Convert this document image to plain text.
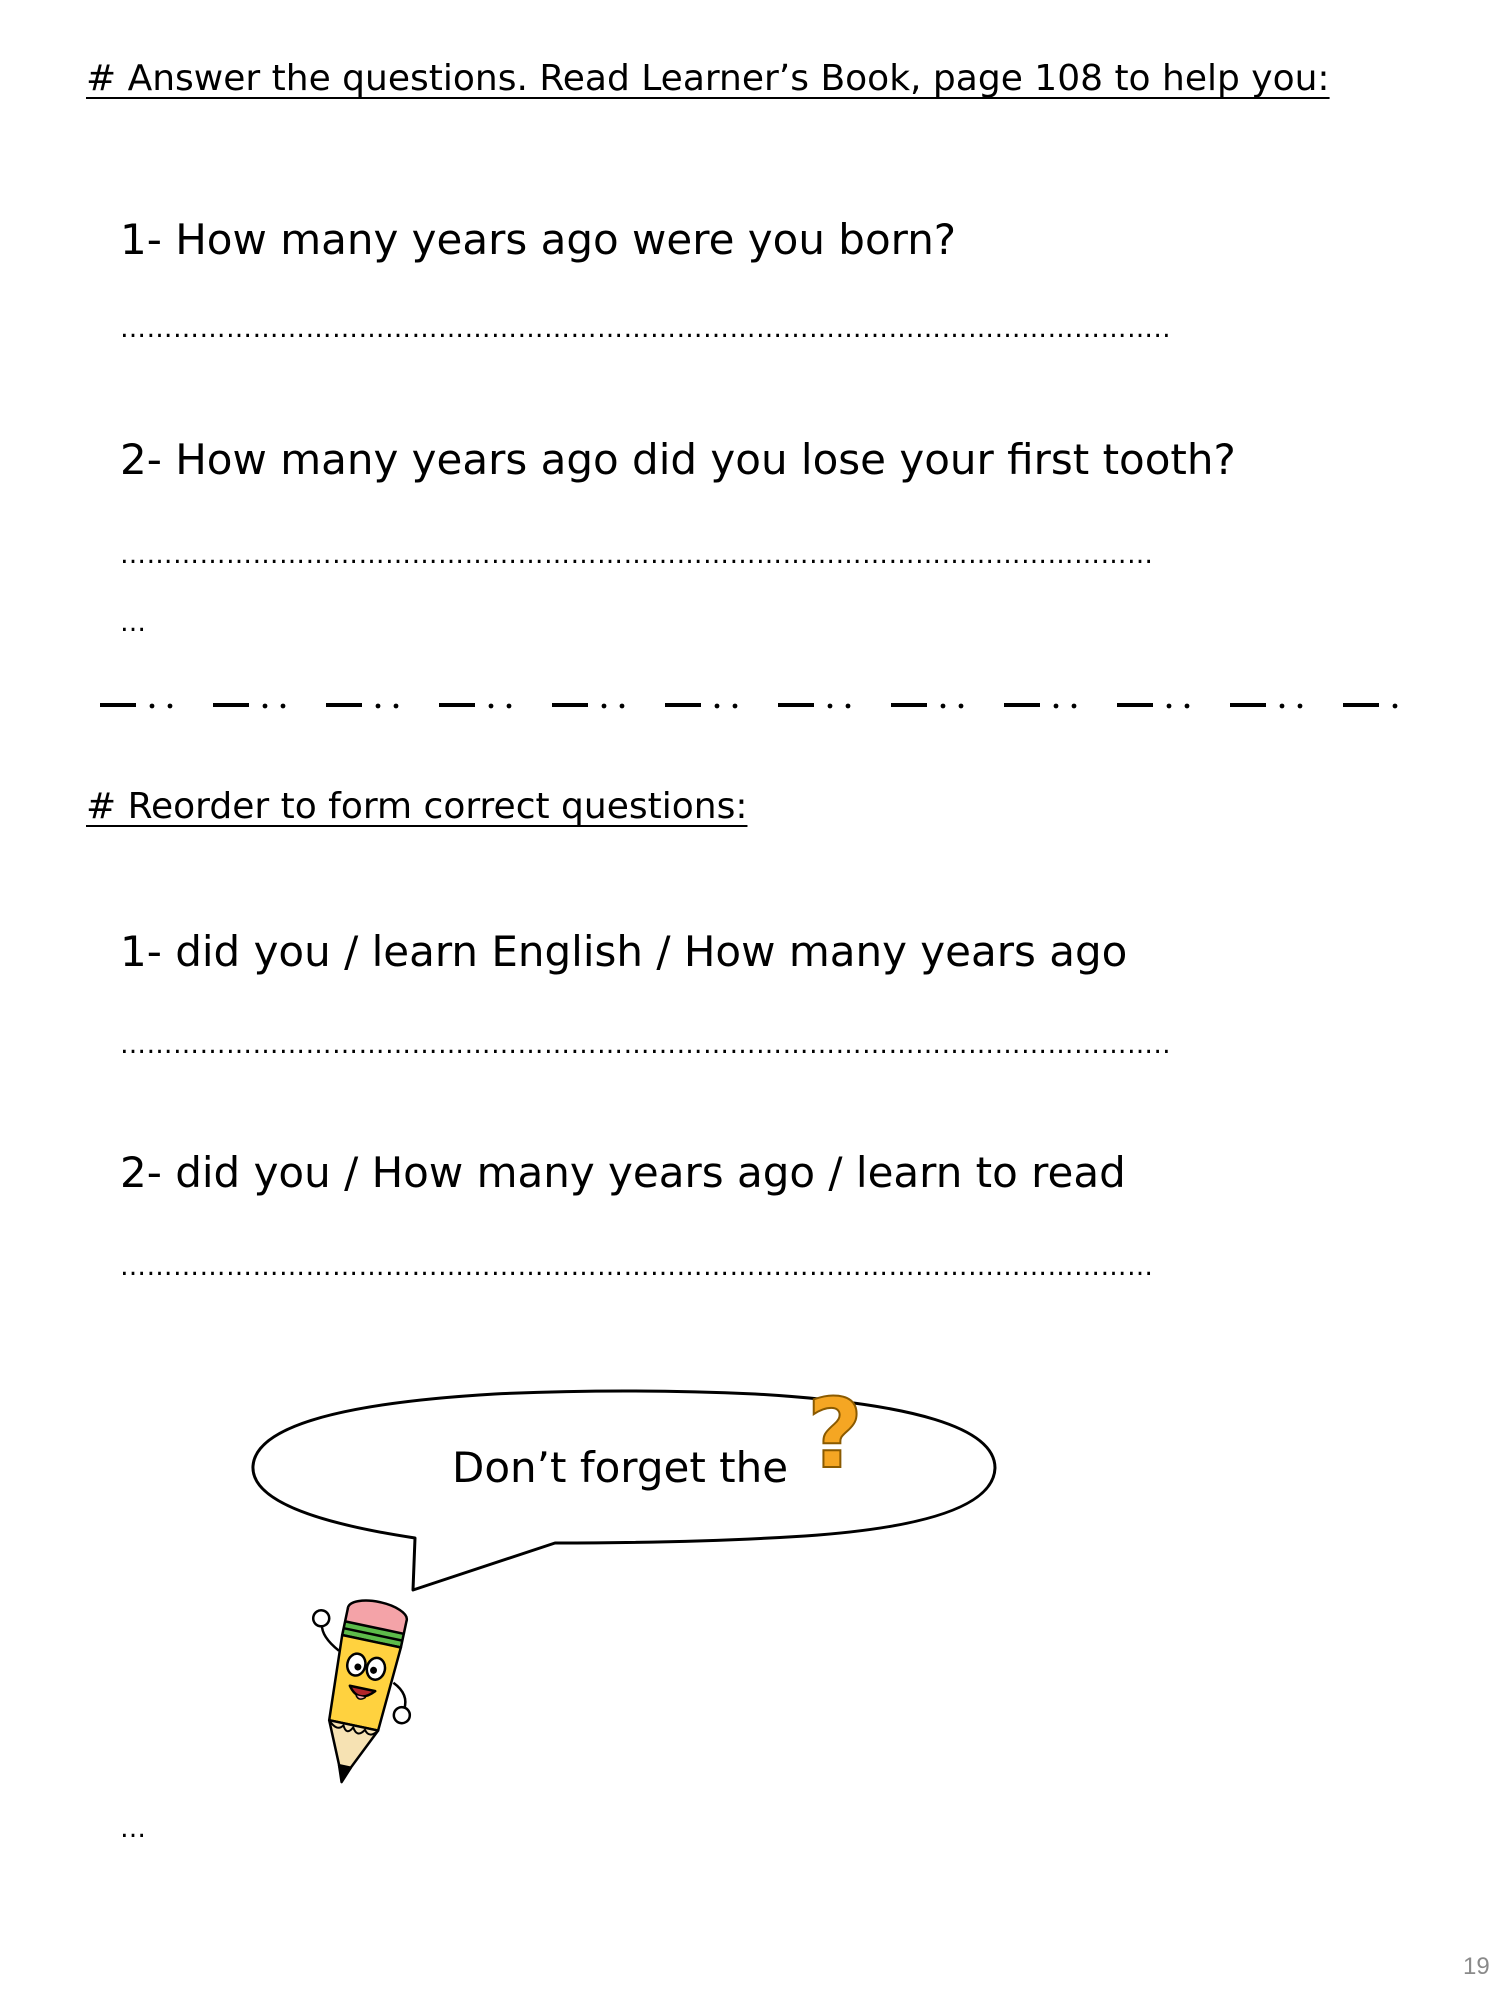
# Answer the questions. Read Learner’s Book, page 108 to help you:
1- How many years ago were you born?
………………………………………………………………………………………………………..
2- How many years ago did you lose your first tooth?
………………………………………………………………………………………………………
…
# Reorder to form correct questions:
1- did you / learn English / How many years ago
………………………………………………………………………………………………………..
2- did you / How many years ago / learn to read
………………………………………………………………………………………………………
Don’t forget the ?
…
19
